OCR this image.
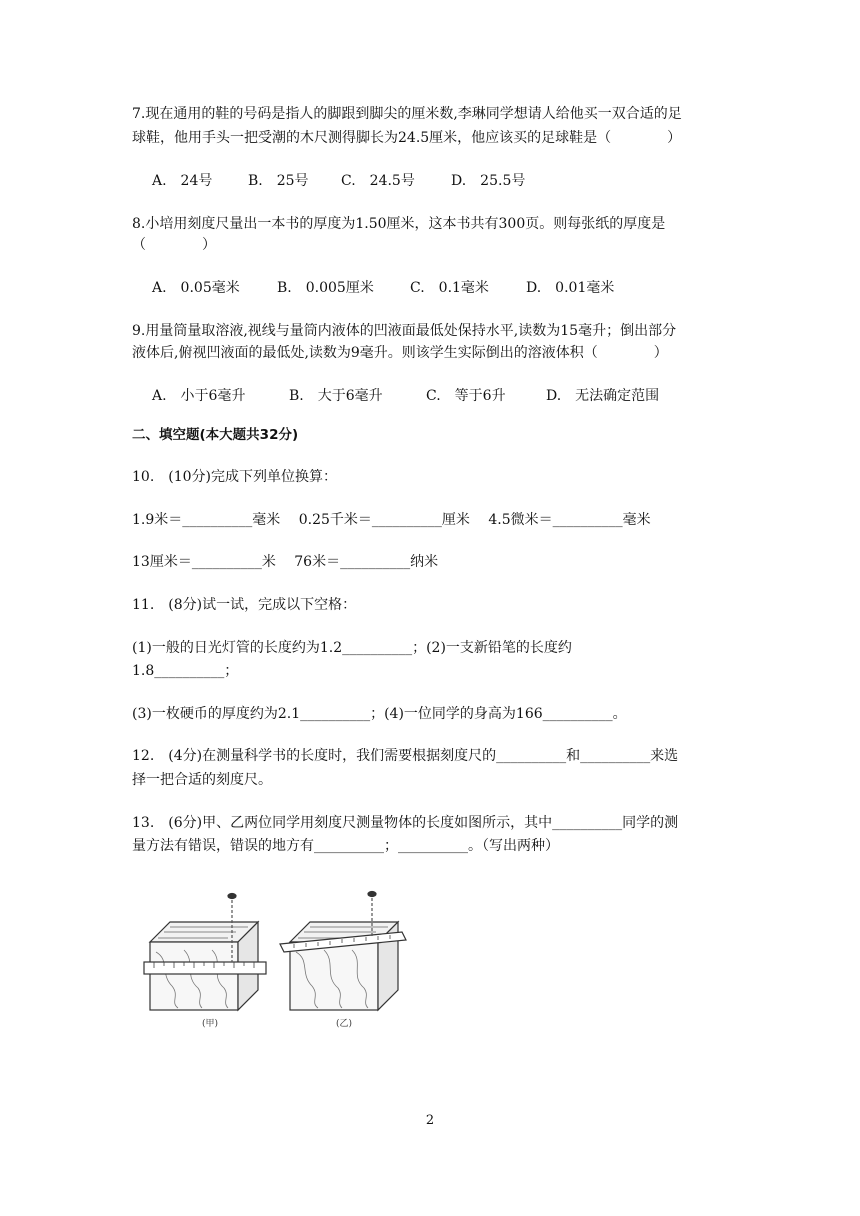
7.现在通用的鞋的号码是指人的脚跟到脚尖的厘米数,李琳同学想请人给他买一双合适的足
球鞋，他用手头一把受潮的木尺测得脚长为24.5厘米，他应该买的足球鞋是（　　　　）
A.　24号	B.　25号 C.　24.5号	D.　25.5号
8.小培用刻度尺量出一本书的厚度为1.50厘米，这本书共有300页。则每张纸的厚度是
（　　　　）
A.　0.05毫米	B.　0.005厘米	C.　0.1毫米	D.　0.01毫米
9.用量筒量取溶液,视线与量筒内液体的凹液面最低处保持水平,读数为15毫升；倒出部分
液体后,俯视凹液面的最低处,读数为9毫升。则该学生实际倒出的溶液体积（　　　　）
A.　小于6毫升	B.　大于6毫升	C.　等于6升	D.　无法确定范围
二、填空题(本大题共32分)
10.　(10分)完成下列单位换算：
1.9米＝__________毫米　 0.25千米＝__________厘米　 4.5微米＝__________毫米
13厘米＝__________米　 76米＝__________纳米
11.　(8分)试一试，完成以下空格：
(1)一般的日光灯管的长度约为1.2__________；(2)一支新铅笔的长度约
1.8__________；
(3)一枚硬币的厚度约为2.1__________；(4)一位同学的身高为166__________。
12.　(4分)在测量科学书的长度时，我们需要根据刻度尺的__________和__________来选
择一把合适的刻度尺。
13.　(6分)甲、乙两位同学用刻度尺测量物体的长度如图所示，其中__________同学的测
量方法有错误，错误的地方有__________；__________。（写出两种）
(甲)	(乙)
2
